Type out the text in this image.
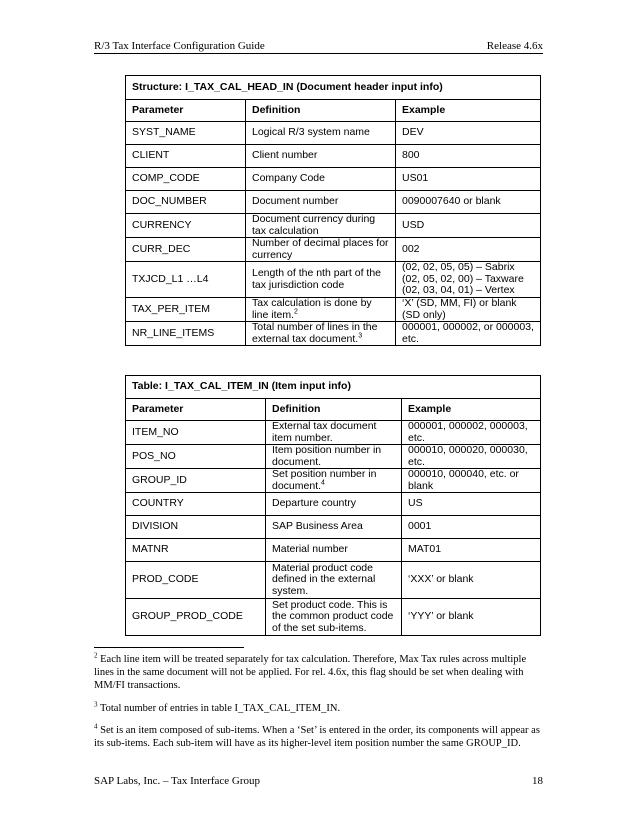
R/3 Tax Interface Configuration Guide	Release 4.6x
Structure: I_TAX_CAL_HEAD_IN (Document header input info)		
Parameter	Definition	Example
SYST_NAME	Logical R/3 system name	DEV
CLIENT	Client number	800
COMP_CODE	Company Code	US01
DOC_NUMBER	Document number	0090007640 or blank
CURRENCY	Document currency during tax calculation	USD
CURR_DEC	Number of decimal places for currency	002
TXJCD_L1 …L4	Length of the nth part of the tax jurisdiction code	(02, 02, 05, 05) – Sabrix
(02, 05, 02, 00) – Taxware
(02, 03, 04, 01) – Vertex

TAX_PER_ITEM	Tax calculation is done by line item.$^2$	‘X’ (SD, MM, FI) or blank (SD only)
NR_LINE_ITEMS	Total number of lines in the external tax document.$^3$	000001, 000002, or 000003, etc.
Table: I_TAX_CAL_ITEM_IN (Item input info)		
Parameter	Definition	Example
ITEM_NO	External tax document item number.	000001, 000002, 000003, etc.
POS_NO	Item position number in document.	000010, 000020, 000030, etc.
GROUP_ID	Set position number in document.$^4$	000010, 000040, etc. or blank
COUNTRY	Departure country	US
DIVISION	SAP Business Area	0001
MATNR	Material number	MAT01
PROD_CODE	Material product code defined in the external system.	‘XXX’ or blank
GROUP_PROD_CODE	Set product code. This is the common product code of the set sub-items.	‘YYY’ or blank
$^2$ Each line item will be treated separately for tax calculation. Therefore, Max Tax rules across multiple lines in the same document will not be applied. For rel. 4.6x, this flag should be set when dealing with MM/FI transactions.
$^3$ Total number of entries in table I_TAX_CAL_ITEM_IN.
$^4$ Set is an item composed of sub-items. When a ‘Set’ is entered in the order, its components will appear as its sub-items. Each sub-item will have as its higher-level item position number the same GROUP_ID.
SAP Labs, Inc. – Tax Interface Group	18
